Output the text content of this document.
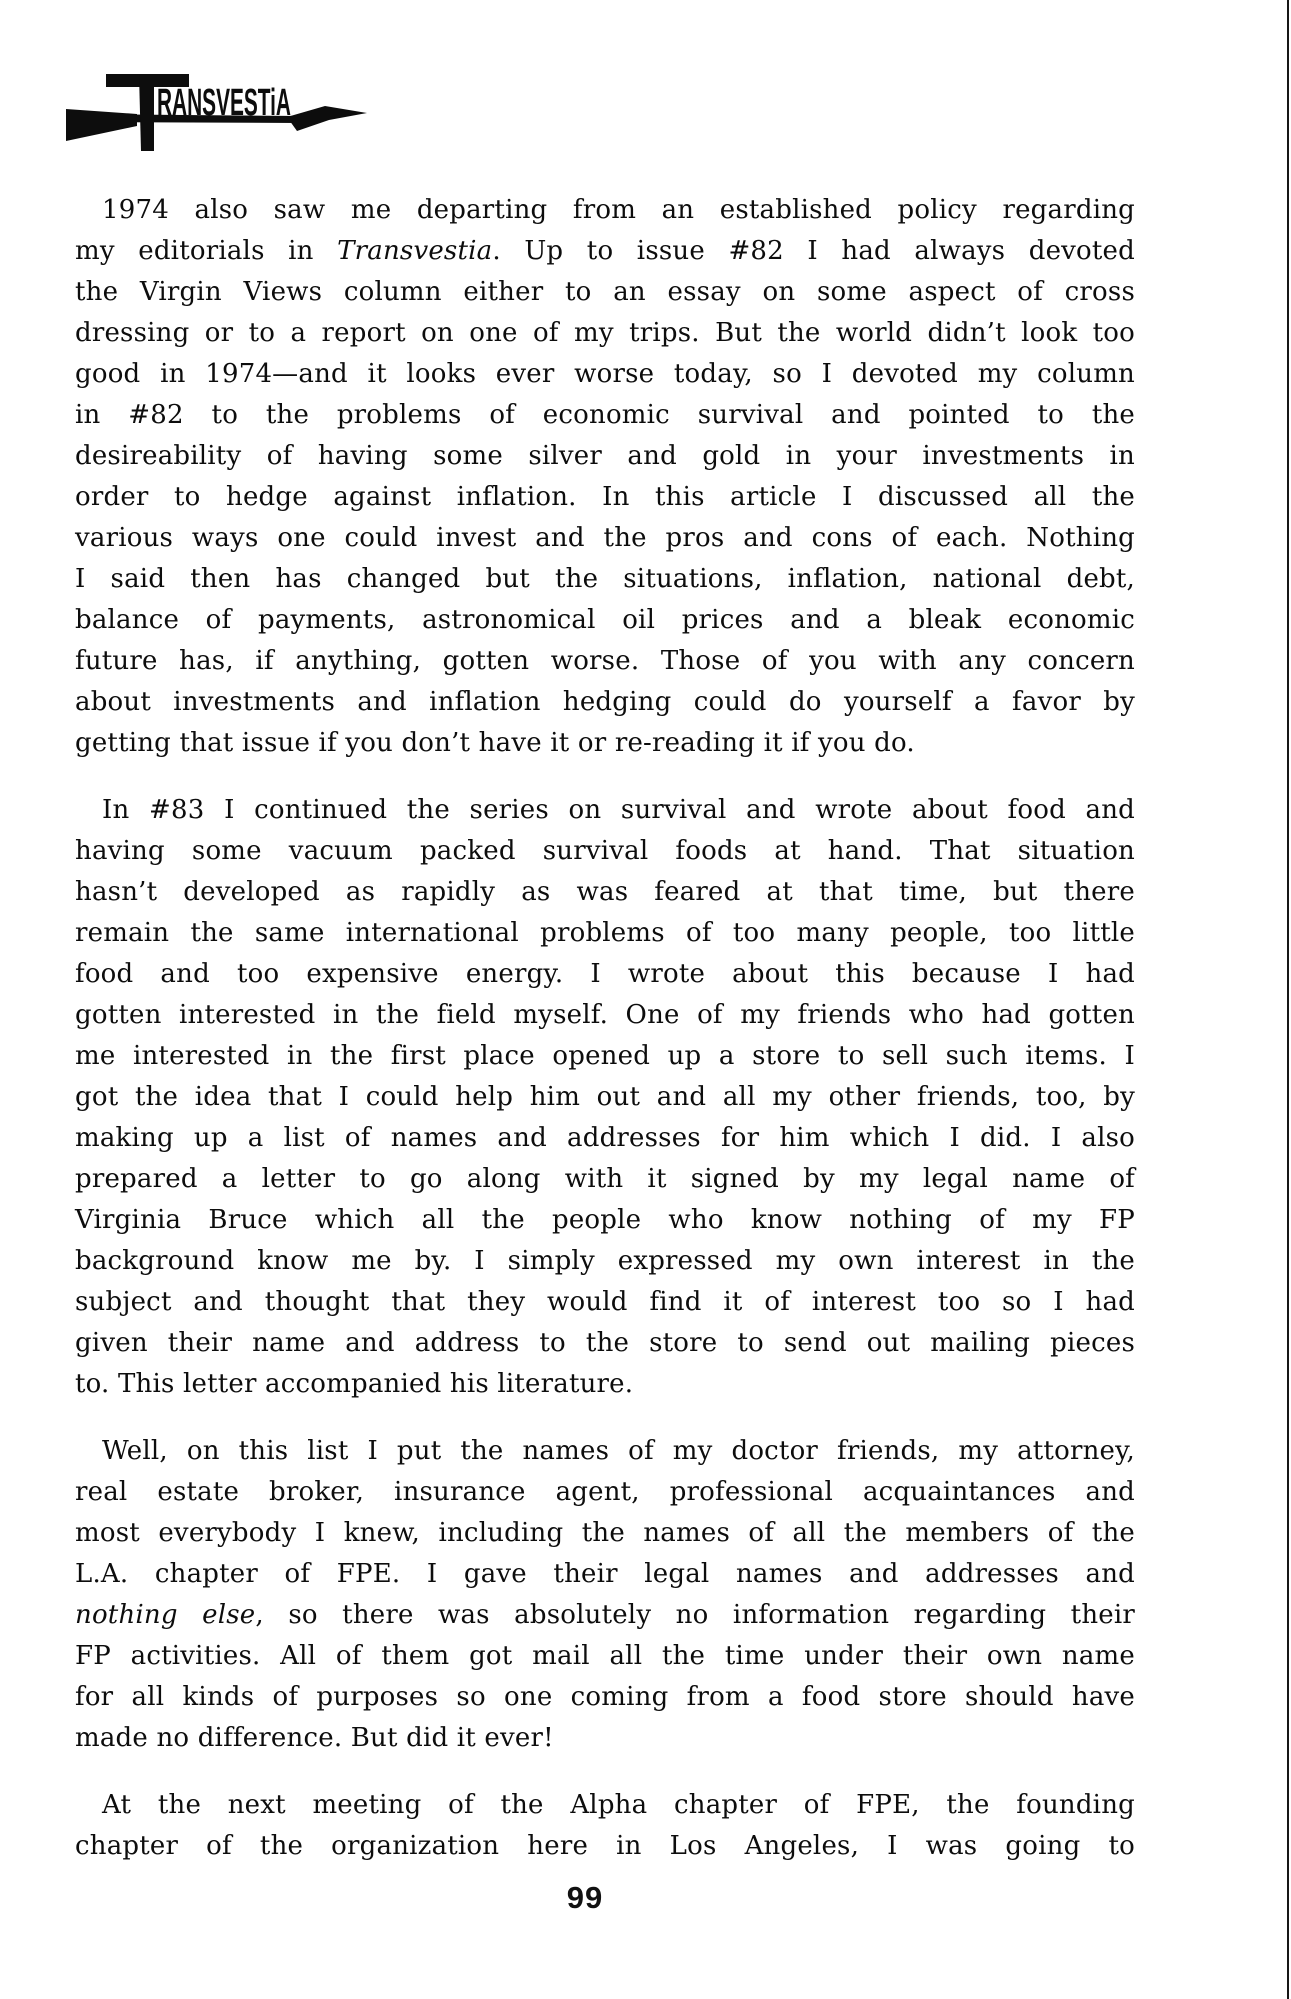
RANSVESTiA
1974 also saw me departing from an established policy regarding
my editorials in Transvestia. Up to issue #82 I had always devoted
the Virgin Views column either to an essay on some aspect of cross
dressing or to a report on one of my trips. But the world didn’t look too
good in 1974—and it looks ever worse today, so I devoted my column
in #82 to the problems of economic survival and pointed to the
desireability of having some silver and gold in your investments in
order to hedge against inflation. In this article I discussed all the
various ways one could invest and the pros and cons of each. Nothing
I said then has changed but the situations, inflation, national debt,
balance of payments, astronomical oil prices and a bleak economic
future has, if anything, gotten worse. Those of you with any concern
about investments and inflation hedging could do yourself a favor by
getting that issue if you don’t have it or re-reading it if you do.
In #83 I continued the series on survival and wrote about food and
having some vacuum packed survival foods at hand. That situation
hasn’t developed as rapidly as was feared at that time, but there
remain the same international problems of too many people, too little
food and too expensive energy. I wrote about this because I had
gotten interested in the field myself. One of my friends who had gotten
me interested in the first place opened up a store to sell such items. I
got the idea that I could help him out and all my other friends, too, by
making up a list of names and addresses for him which I did. I also
prepared a letter to go along with it signed by my legal name of
Virginia Bruce which all the people who know nothing of my FP
background know me by. I simply expressed my own interest in the
subject and thought that they would find it of interest too so I had
given their name and address to the store to send out mailing pieces
to. This letter accompanied his literature.
Well, on this list I put the names of my doctor friends, my attorney,
real estate broker, insurance agent, professional acquaintances and
most everybody I knew, including the names of all the members of the
L.A. chapter of FPE. I gave their legal names and addresses and
nothing else, so there was absolutely no information regarding their
FP activities. All of them got mail all the time under their own name
for all kinds of purposes so one coming from a food store should have
made no difference. But did it ever!
At the next meeting of the Alpha chapter of FPE, the founding
chapter of the organization here in Los Angeles, I was going to
99
